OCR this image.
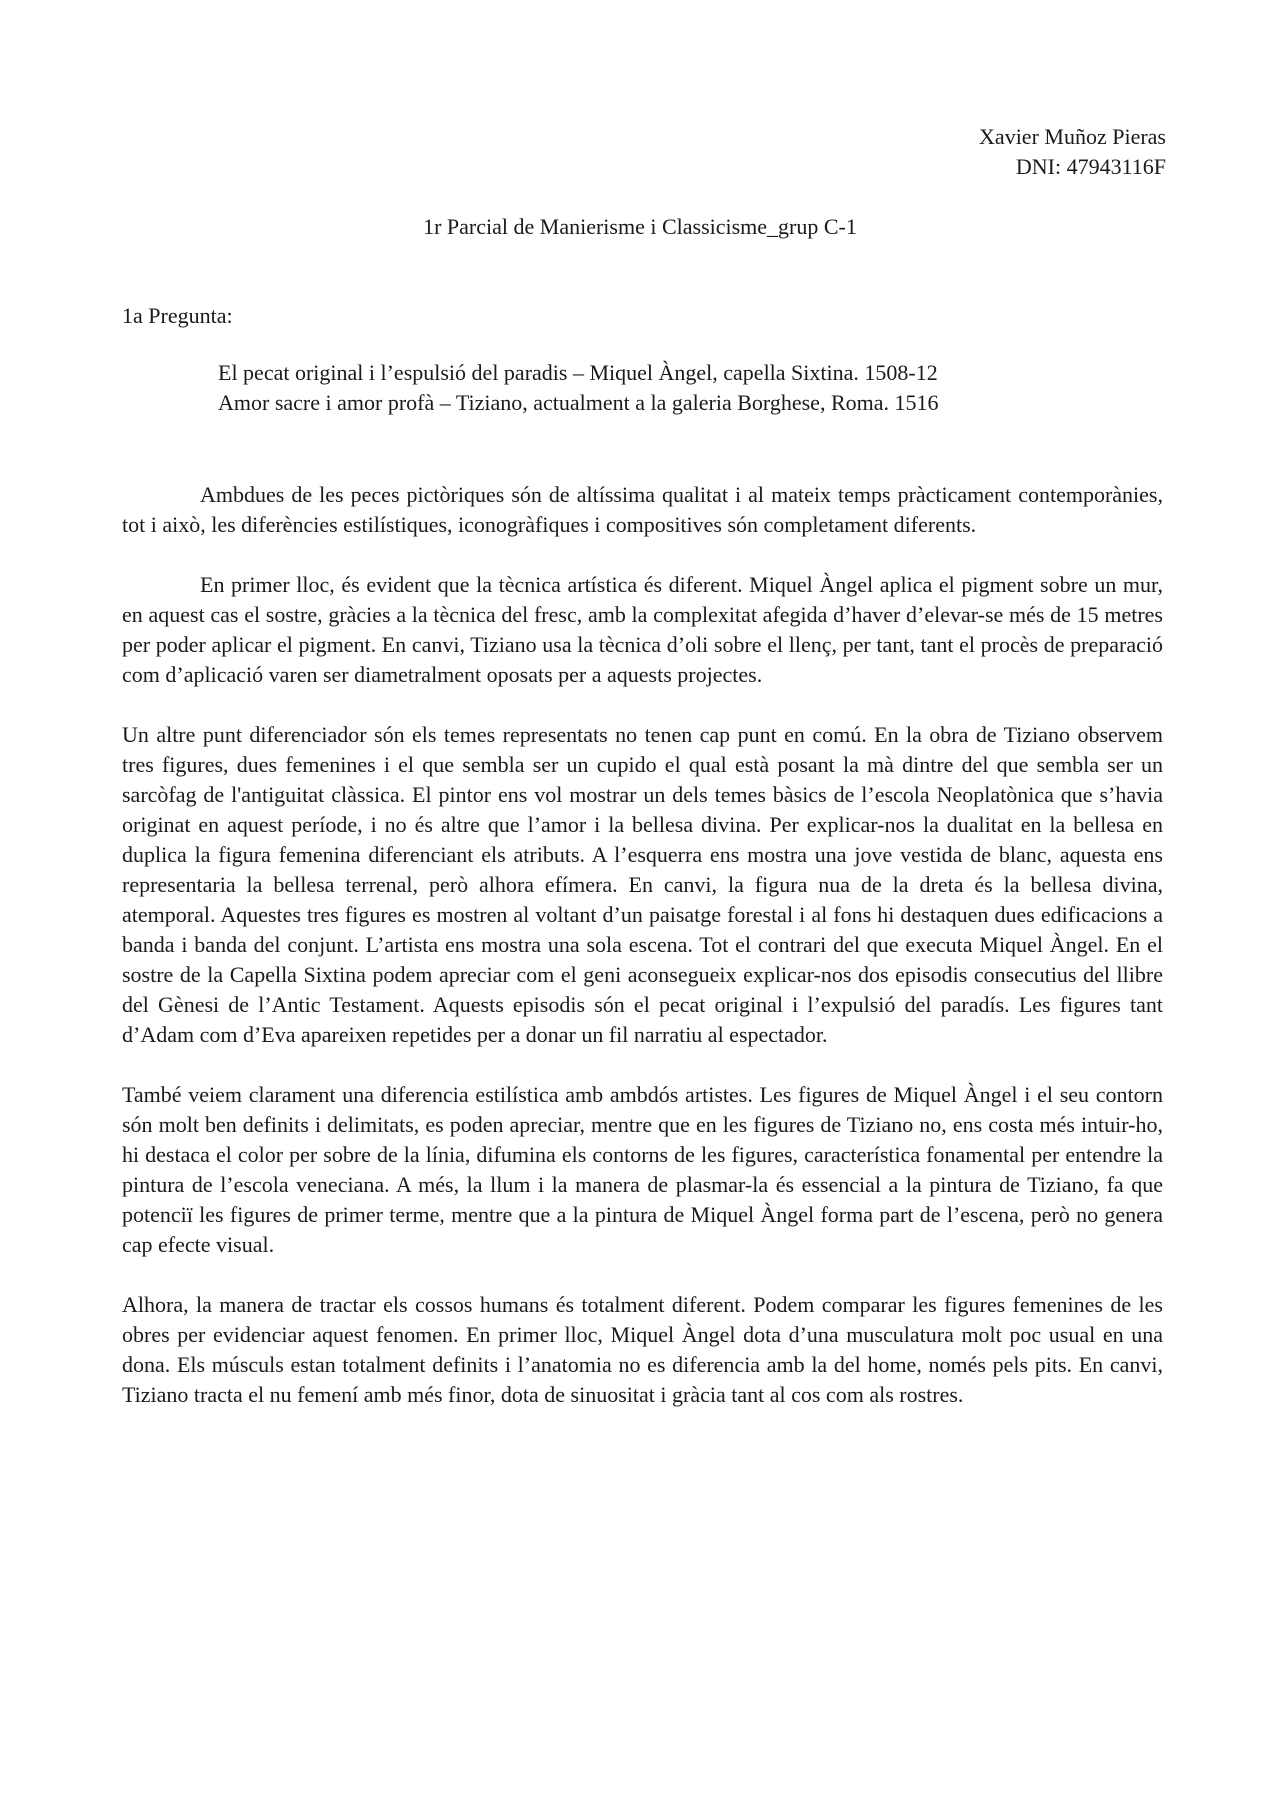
Xavier Muñoz Pieras
DNI: 47943116F
1r Parcial de Manierisme i Classicisme_grup C-1
1a Pregunta:
El pecat original i l’espulsió del paradis – Miquel Àngel, capella Sixtina. 1508-12
Amor sacre i amor profà – Tiziano, actualment a la galeria Borghese, Roma. 1516

Ambdues de les peces pictòriques són de altíssima qualitat i al mateix temps pràcticament contemporànies, tot i això, les diferències estilístiques, iconogràfiques i compositives són completament diferents.

En primer lloc, és evident que la tècnica artística és diferent. Miquel Àngel aplica el pigment sobre un mur, en aquest cas el sostre, gràcies a la tècnica del fresc, amb la complexitat afegida d’haver d’elevar-se més de 15 metres per poder aplicar el pigment. En canvi, Tiziano usa la tècnica d’oli sobre el llenç, per tant, tant el procès de preparació com d’aplicació varen ser diametralment oposats per a aquests projectes.

Un altre punt diferenciador són els temes representats no tenen cap punt en comú. En la obra de Tiziano observem tres figures, dues femenines i el que sembla ser un cupido el qual està posant la mà dintre del que sembla ser un sarcòfag de l'antiguitat clàssica. El pintor ens vol mostrar un dels temes bàsics de l’escola Neoplatònica que s’havia originat en aquest període, i no és altre que l’amor i la bellesa divina. Per explicar-nos la dualitat en la bellesa en duplica la figura femenina diferenciant els atributs. A l’esquerra ens mostra una jove vestida de blanc, aquesta ens representaria la bellesa terrenal, però alhora efímera. En canvi, la figura nua de la dreta és la bellesa divina, atemporal. Aquestes tres figures es mostren al voltant d’un paisatge forestal i al fons hi destaquen dues edificacions a banda i banda del conjunt. L’artista ens mostra una sola escena. Tot el contrari del que executa Miquel Àngel. En el sostre de la Capella Sixtina podem apreciar com el geni aconsegueix explicar-nos dos episodis consecutius del llibre del Gènesi de l’Antic Testament. Aquests episodis són el pecat original i l’expulsió del paradís. Les figures tant d’Adam com d’Eva apareixen repetides per a donar un fil narratiu al espectador.

També veiem clarament una diferencia estilística amb ambdós artistes. Les figures de Miquel Àngel i el seu contorn són molt ben definits i delimitats, es poden apreciar, mentre que en les figures de Tiziano no, ens costa més intuir-ho, hi destaca el color per sobre de la línia, difumina els contorns de les figures, característica fonamental per entendre la pintura de l’escola veneciana. A més, la llum i la manera de plasmar-la és essencial a la pintura de Tiziano, fa que potenciï les figures de primer terme, mentre que a la pintura de Miquel Àngel forma part de l’escena, però no genera cap efecte visual.

Alhora, la manera de tractar els cossos humans és totalment diferent. Podem comparar les figures femenines de les obres per evidenciar aquest fenomen. En primer lloc, Miquel Àngel dota d’una musculatura molt poc usual en una dona. Els músculs estan totalment definits i l’anatomia no es diferencia amb la del home, només pels pits. En canvi, Tiziano tracta el nu femení amb més finor, dota de sinuositat i gràcia tant al cos com als rostres.
